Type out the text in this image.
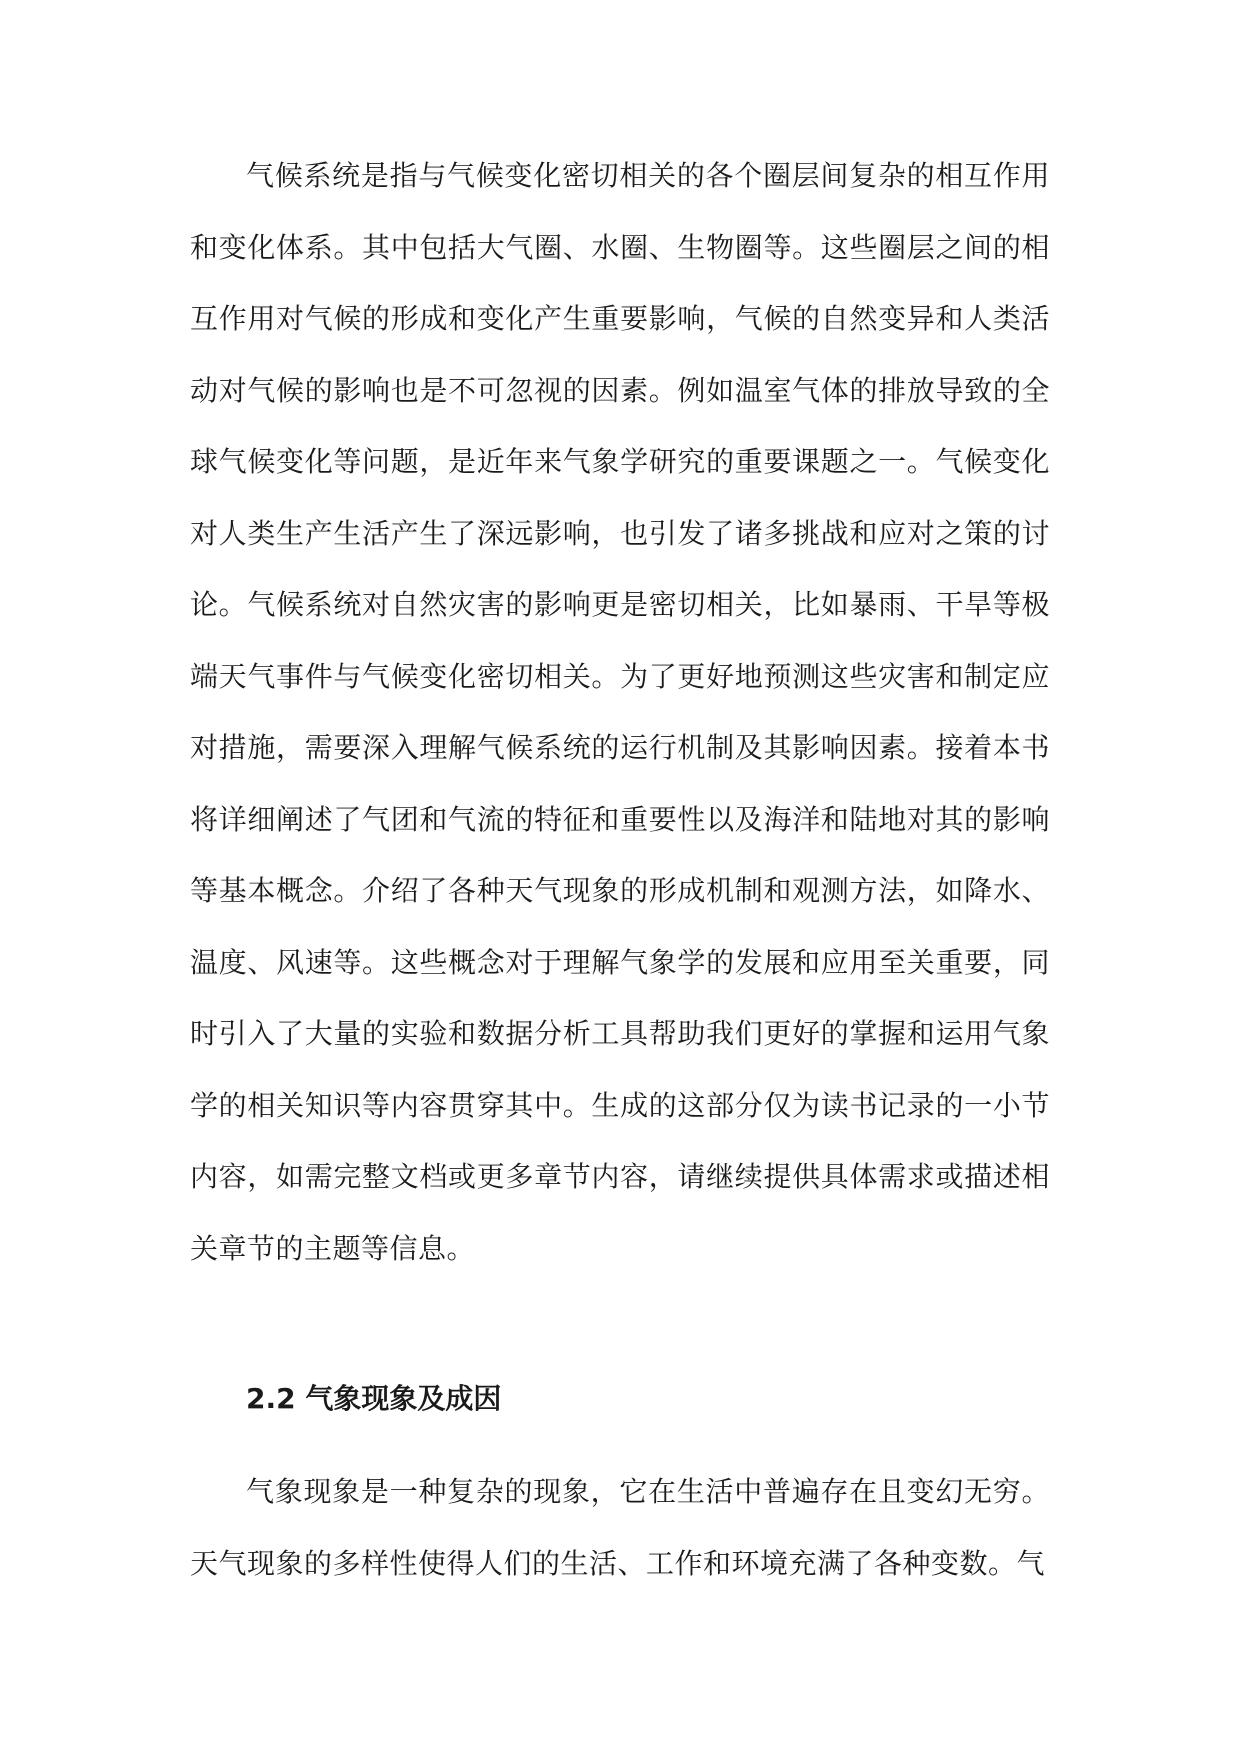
气候系统是指与气候变化密切相关的各个圈层间复杂的相互作用和变化体系。其中包括大气圈、水圈、生物圈等。这些圈层之间的相互作用对气候的形成和变化产生重要影响，气候的自然变异和人类活动对气候的影响也是不可忽视的因素。例如温室气体的排放导致的全球气候变化等问题，是近年来气象学研究的重要课题之一。气候变化对人类生产生活产生了深远影响，也引发了诸多挑战和应对之策的讨论。气候系统对自然灾害的影响更是密切相关，比如暴雨、干旱等极端天气事件与气候变化密切相关。为了更好地预测这些灾害和制定应对措施，需要深入理解气候系统的运行机制及其影响因素。接着本书将详细阐述了气团和气流的特征和重要性以及海洋和陆地对其的影响等基本概念。介绍了各种天气现象的形成机制和观测方法，如降水、温度、风速等。这些概念对于理解气象学的发展和应用至关重要，同时引入了大量的实验和数据分析工具帮助我们更好的掌握和运用气象学的相关知识等内容贯穿其中。生成的这部分仅为读书记录的一小节内容，如需完整文档或更多章节内容，请继续提供具体需求或描述相关章节的主题等信息。

2.2 气象现象及成因

气象现象是一种复杂的现象，它在生活中普遍存在且变幻无穷。天气现象的多样性使得人们的生活、工作和环境充满了各种变数。气
